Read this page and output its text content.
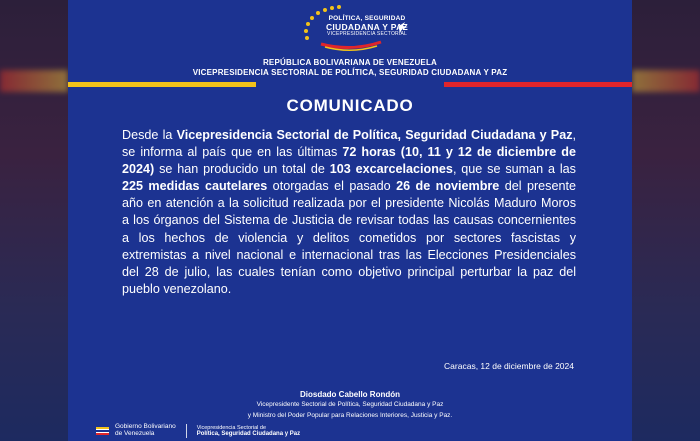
POLÍTICA, SEGURIDAD
CIUDADANA Y PAZ
VICEPRESIDENCIA SECTORIAL
REPÚBLICA BOLIVARIANA DE VENEZUELA
VICEPRESIDENCIA SECTORIAL DE POLÍTICA, SEGURIDAD CIUDADANA Y PAZ
COMUNICADO
Desde la Vicepresidencia Sectorial de Política, Seguridad Ciudadana y Paz, se informa al país que en las últimas 72 horas (10, 11 y 12 de diciembre de 2024) se han producido un total de 103 excarcelaciones, que se suman a las 225 medidas cautelares otorgadas el pasado 26 de noviembre del presente año en atención a la solicitud realizada por el presidente Nicolás Maduro Moros a los órganos del Sistema de Justicia de revisar todas las causas concernientes a los hechos de violencia y delitos cometidos por sectores fascistas y extremistas a nivel nacional e internacional tras las Elecciones Presidenciales del 28 de julio, las cuales tenían como objetivo principal perturbar la paz del pueblo venezolano.
Caracas, 12 de diciembre de 2024
Diosdado Cabello Rondón
Vicepresidente Sectorial de Política, Seguridad Ciudadana y Paz
y Ministro del Poder Popular para Relaciones Interiores, Justicia y Paz.
Gobierno Bolivariano
de Venezuela
Vicepresidencia Sectorial de
Política, Seguridad Ciudadana y Paz
